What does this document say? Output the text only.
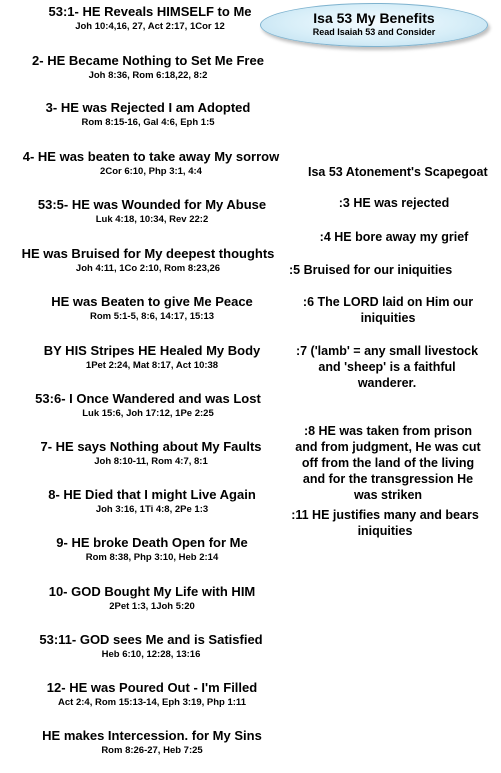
Isa 53 My Benefits
Read Isaiah 53 and Consider
53:1- HE Reveals HIMSELF to Me
Joh 10:4,16, 27, Act 2:17, 1Cor 12
2- HE Became Nothing to Set Me Free
Joh 8:36, Rom 6:18,22, 8:2
3- HE was Rejected I am Adopted
Rom 8:15-16, Gal 4:6, Eph 1:5
4- HE was beaten to take away My sorrow
2Cor 6:10, Php 3:1, 4:4
53:5- HE was Wounded for My Abuse
Luk 4:18, 10:34, Rev 22:2
HE was Bruised for My deepest thoughts
Joh 4:11, 1Co 2:10, Rom 8:23,26
HE was Beaten to give Me Peace
Rom 5:1-5, 8:6, 14:17, 15:13
BY HIS Stripes HE Healed My Body
1Pet 2:24, Mat 8:17, Act 10:38
53:6- I Once Wandered and was Lost
Luk 15:6, Joh 17:12, 1Pe 2:25
7- HE says Nothing about My Faults
Joh 8:10-11, Rom 4:7, 8:1
8- HE Died that I might Live Again
Joh 3:16, 1Ti 4:8, 2Pe 1:3
9- HE broke Death Open for Me
Rom 8:38, Php 3:10, Heb 2:14
10- GOD Bought My Life with HIM
2Pet 1:3, 1Joh 5:20
53:11- GOD sees Me and is Satisfied
Heb 6:10, 12:28, 13:16
12- HE was Poured Out - I'm Filled
Act 2:4, Rom 15:13-14, Eph 3:19, Php 1:11
HE makes Intercession. for My Sins
Rom 8:26-27, Heb 7:25
Isa 53 Atonement's Scapegoat
:3 HE was rejected
:4 HE bore away my grief
:5 Bruised for our iniquities
:6 The LORD laid on Him our
iniquities
:7 ('lamb' = any small livestock
and 'sheep' is a faithful
wanderer.
:8 HE was taken from prison
and from judgment, He was cut
off from the land of the living
and for the transgression He
was striken
:11 HE justifies many and bears
iniquities
